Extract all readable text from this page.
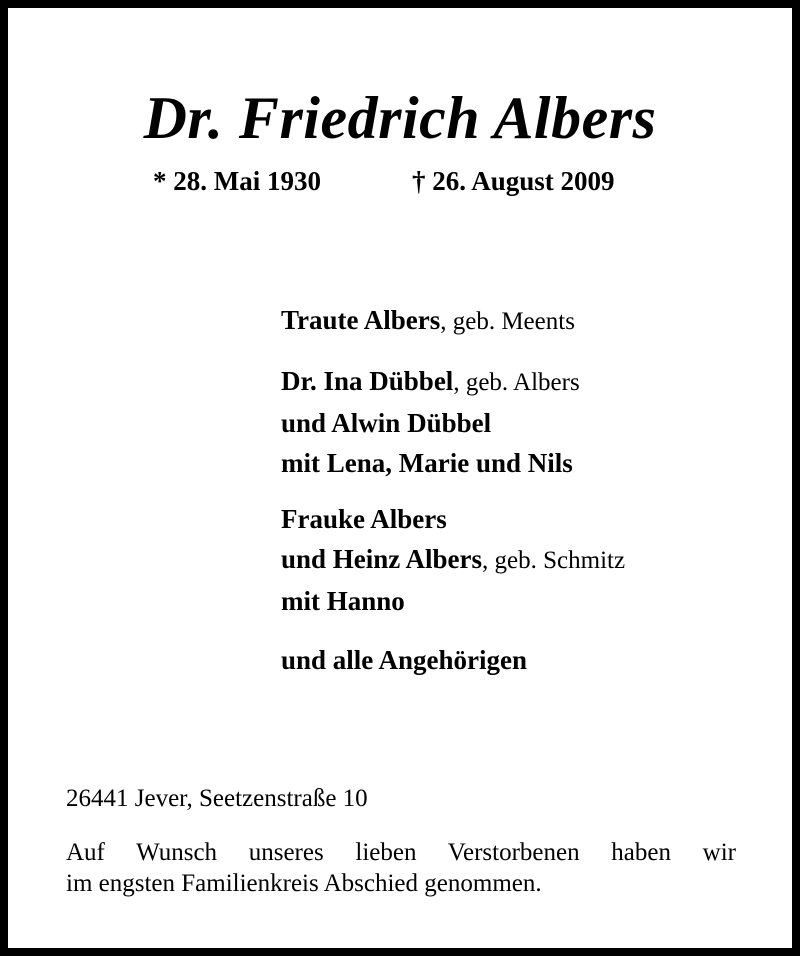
Dr. Friedrich Albers
* 28. Mai 1930	† 26. August 2009
Traute Albers, geb. Meents
Dr. Ina Dübbel, geb. Albers
und Alwin Dübbel
mit Lena, Marie und Nils
Frauke Albers
und Heinz Albers, geb. Schmitz
mit Hanno
und alle Angehörigen
26441 Jever, Seetzenstraße 10
Auf Wunsch unseres lieben Verstorbenen haben wir
im engsten Familienkreis Abschied genommen.
